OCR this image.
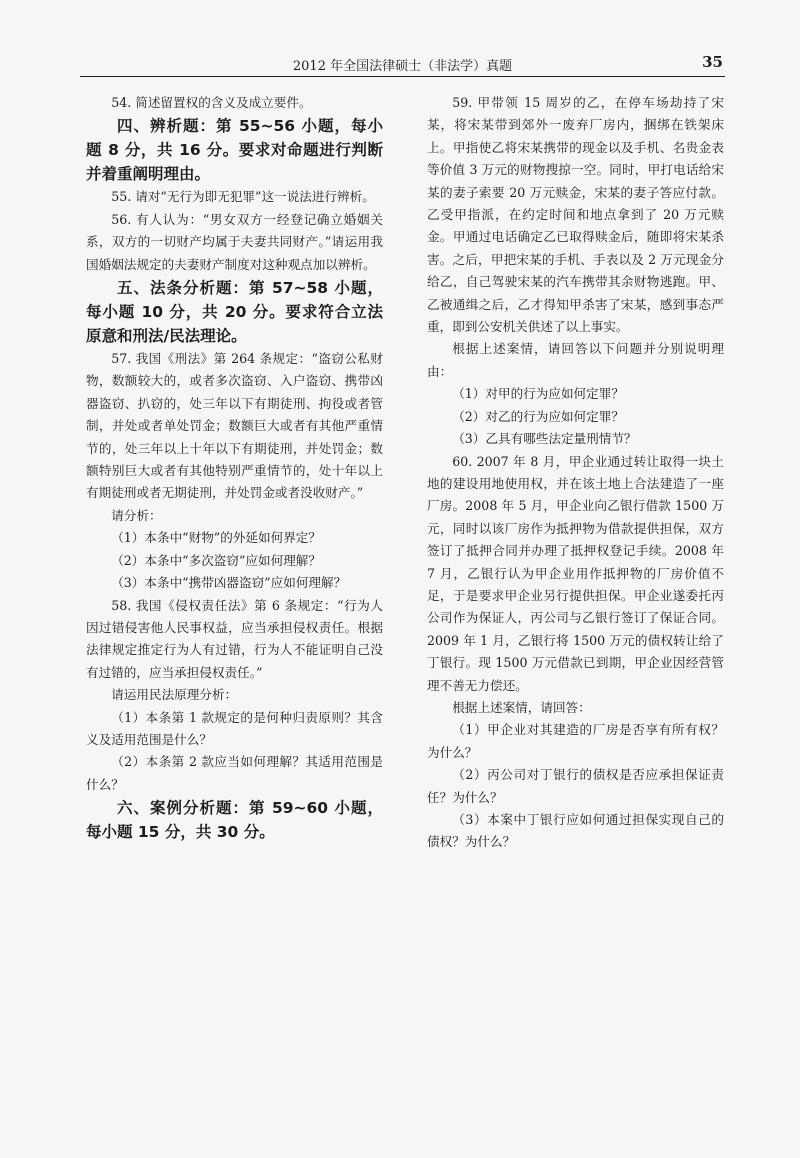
2012 年全国法律硕士（非法学）真题	35

54. 简述留置权的含义及成立要件。

四、辨析题：第 55~56 小题，每小题 8 分，共 16 分。要求对命题进行判断并着重阐明理由。

55. 请对“无行为即无犯罪”这一说法进行辨析。

56. 有人认为：“男女双方一经登记确立婚姻关系，双方的一切财产均属于夫妻共同财产。”请运用我国婚姻法规定的夫妻财产制度对这种观点加以辨析。

五、法条分析题：第 57~58 小题，每小题 10 分，共 20 分。要求符合立法原意和刑法/民法理论。

57. 我国《刑法》第 264 条规定：“盗窃公私财物，数额较大的，或者多次盗窃、入户盗窃、携带凶器盗窃、扒窃的，处三年以下有期徒刑、拘役或者管制，并处或者单处罚金；数额巨大或者有其他严重情节的，处三年以上十年以下有期徒刑，并处罚金；数额特别巨大或者有其他特别严重情节的，处十年以上有期徒刑或者无期徒刑，并处罚金或者没收财产。”

请分析：

（1）本条中“财物”的外延如何界定？

（2）本条中“多次盗窃”应如何理解？

（3）本条中“携带凶器盗窃”应如何理解？

58. 我国《侵权责任法》第 6 条规定：“行为人因过错侵害他人民事权益，应当承担侵权责任。根据法律规定推定行为人有过错，行为人不能证明自己没有过错的，应当承担侵权责任。”

请运用民法原理分析：

（1）本条第 1 款规定的是何种归责原则？其含义及适用范围是什么？

（2）本条第 2 款应当如何理解？其适用范围是什么？

六、案例分析题：第 59~60 小题，每小题 15 分，共 30 分。

59. 甲带领 15 周岁的乙，在停车场劫持了宋某，将宋某带到郊外一废弃厂房内，捆绑在铁架床上。甲指使乙将宋某携带的现金以及手机、名贵金表等价值 3 万元的财物搜掠一空。同时，甲打电话给宋某的妻子索要 20 万元赎金，宋某的妻子答应付款。乙受甲指派，在约定时间和地点拿到了 20 万元赎金。甲通过电话确定乙已取得赎金后，随即将宋某杀害。之后，甲把宋某的手机、手表以及 2 万元现金分给乙，自己驾驶宋某的汽车携带其余财物逃跑。甲、乙被通缉之后，乙才得知甲杀害了宋某，感到事态严重，即到公安机关供述了以上事实。

根据上述案情，请回答以下问题并分别说明理由：

（1）对甲的行为应如何定罪？

（2）对乙的行为应如何定罪？

（3）乙具有哪些法定量刑情节？

60. 2007 年 8 月，甲企业通过转让取得一块土地的建设用地使用权，并在该土地上合法建造了一座厂房。2008 年 5 月，甲企业向乙银行借款 1500 万元，同时以该厂房作为抵押物为借款提供担保，双方签订了抵押合同并办理了抵押权登记手续。2008 年 7 月，乙银行认为甲企业用作抵押物的厂房价值不足，于是要求甲企业另行提供担保。甲企业遂委托丙公司作为保证人，丙公司与乙银行签订了保证合同。2009 年 1 月，乙银行将 1500 万元的债权转让给了丁银行。现 1500 万元借款已到期，甲企业因经营管理不善无力偿还。

根据上述案情，请回答：

（1）甲企业对其建造的厂房是否享有所有权？为什么？

（2）丙公司对丁银行的债权是否应承担保证责任？为什么？

（3）本案中丁银行应如何通过担保实现自己的债权？为什么？
